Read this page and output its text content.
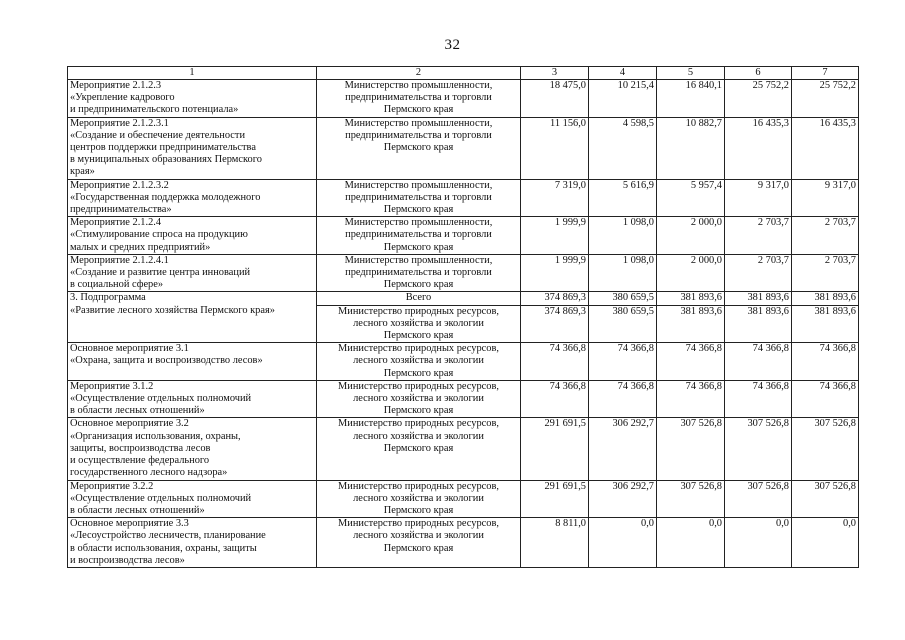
32
1	2	3	4	5	6	7

Мероприятие 2.1.2.3
«Укрепление кадрового
и предпринимательского потенциала»	Министерство промышленности,
предпринимательства и торговли
Пермского края	18 475,0	10 215,4	16 840,1	25 752,2	25 752,2

Мероприятие 2.1.2.3.1
«Создание и обеспечение деятельности
центров поддержки предпринимательства
в муниципальных образованиях Пермского
края»	Министерство промышленности,
предпринимательства и торговли
Пермского края	11 156,0	4 598,5	10 882,7	16 435,3	16 435,3

Мероприятие 2.1.2.3.2
«Государственная поддержка молодежного
предпринимательства»	Министерство промышленности,
предпринимательства и торговли
Пермского края	7 319,0	5 616,9	5 957,4	9 317,0	9 317,0

Мероприятие 2.1.2.4
«Стимулирование спроса на продукцию
малых и средних предприятий»	Министерство промышленности,
предпринимательства и торговли
Пермского края	1 999,9	1 098,0	2 000,0	2 703,7	2 703,7

Мероприятие 2.1.2.4.1
«Создание и развитие центра инноваций
в социальной сфере»	Министерство промышленности,
предпринимательства и торговли
Пермского края	1 999,9	1 098,0	2 000,0	2 703,7	2 703,7

3. Подпрограмма
«Развитие лесного хозяйства Пермского края»	Всего	374 869,3	380 659,5	381 893,6	381 893,6	381 893,6

	Министерство природных ресурсов,
лесного хозяйства и экологии
Пермского края	374 869,3	380 659,5	381 893,6	381 893,6	381 893,6

Основное мероприятие 3.1
«Охрана, защита и воспроизводство лесов»	Министерство природных ресурсов,
лесного хозяйства и экологии
Пермского края	74 366,8	74 366,8	74 366,8	74 366,8	74 366,8

Мероприятие 3.1.2
«Осуществление отдельных полномочий
в области лесных отношений»	Министерство природных ресурсов,
лесного хозяйства и экологии
Пермского края	74 366,8	74 366,8	74 366,8	74 366,8	74 366,8

Основное мероприятие 3.2
«Организация использования, охраны,
защиты, воспроизводства лесов
и осуществление федерального
государственного лесного надзора»	Министерство природных ресурсов,
лесного хозяйства и экологии
Пермского края	291 691,5	306 292,7	307 526,8	307 526,8	307 526,8

Мероприятие 3.2.2
«Осуществление отдельных полномочий
в области лесных отношений»	Министерство природных ресурсов,
лесного хозяйства и экологии
Пермского края	291 691,5	306 292,7	307 526,8	307 526,8	307 526,8

Основное мероприятие 3.3
«Лесоустройство лесничеств, планирование
в области использования, охраны, защиты
и воспроизводства лесов»	Министерство природных ресурсов,
лесного хозяйства и экологии
Пермского края	8 811,0	0,0	0,0	0,0	0,0
